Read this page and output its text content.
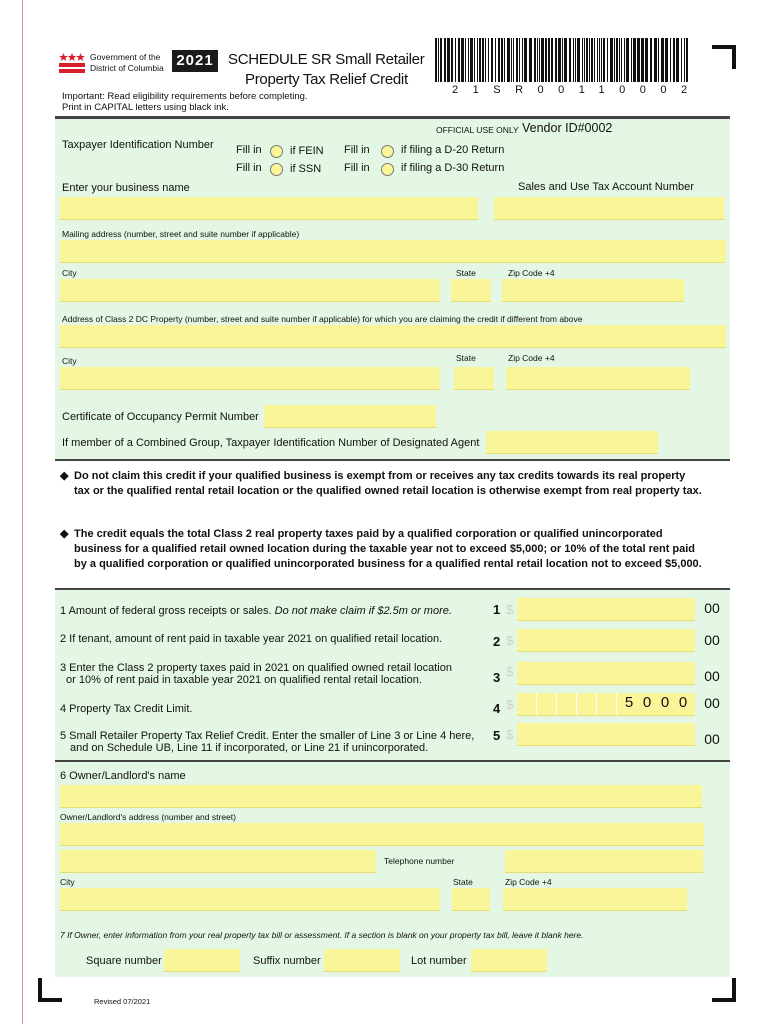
Government of the
District of Columbia 2021 SCHEDULE SR Small Retailer
Property Tax Relief Credit
21SR00110002
Important: Read eligibility requirements before completing.
Print in CAPITAL letters using black ink.
OFFICIAL USE ONLY Vendor ID#0002
Taxpayer Identification Number Fill in	if FEIN
Fill in	if SSN
Fill in	if filing a D-20 Return
Fill in	if filing a D-30 Return
Enter your business name	Sales and Use Tax Account Number
Mailing address (number, street and suite number if applicable)
City	State	Zip Code +4
Address of Class 2 DC Property (number, street and suite number if applicable) for which you are claiming the credit if different from above
City	State	Zip Code +4
Certificate of Occupancy Permit Number
If member of a Combined Group, Taxpayer Identification Number of Designated Agent
◆ Do not claim this credit if your qualified business is exempt from or receives any tax credits towards its real property tax or the qualified rental retail location or the qualified owned retail location is otherwise exempt from real property tax.
◆ The credit equals the total Class 2 real property taxes paid by a qualified corporation or qualified unincorporated business for a qualified retail owned location during the taxable year not to exceed $5,000; or 10% of the total rent paid by a qualified corporation or qualified unincorporated business for a qualified rental retail location not to exceed $5,000.
1 Amount of federal gross receipts or sales. Do not make claim if $2.5m or more.	1 $	00
2 If tenant, amount of rent paid in taxable year 2021 on qualified retail location.	2 $	00
3 Enter the Class 2 property taxes paid in 2021 on qualified owned retail location
or 10% of rent paid in taxable year 2021 on qualified rental retail location.	3 $	00
4 Property Tax Credit Limit.	4 $	5 0 0 0	00
5 Small Retailer Property Tax Relief Credit. Enter the smaller of Line 3 or Line 4 here,
and on Schedule UB, Line 11 if incorporated, or Line 21 if unincorporated.
5 $	00
6 Owner/Landlord's name
Owner/Landlord's address (number and street)
Telephone number
City	State	Zip Code +4
7 If Owner, enter information from your real property tax bill or assessment. If a section is blank on your property tax bill, leave it blank here.
Square number	Suffix number	Lot number
Revised 07/2021
